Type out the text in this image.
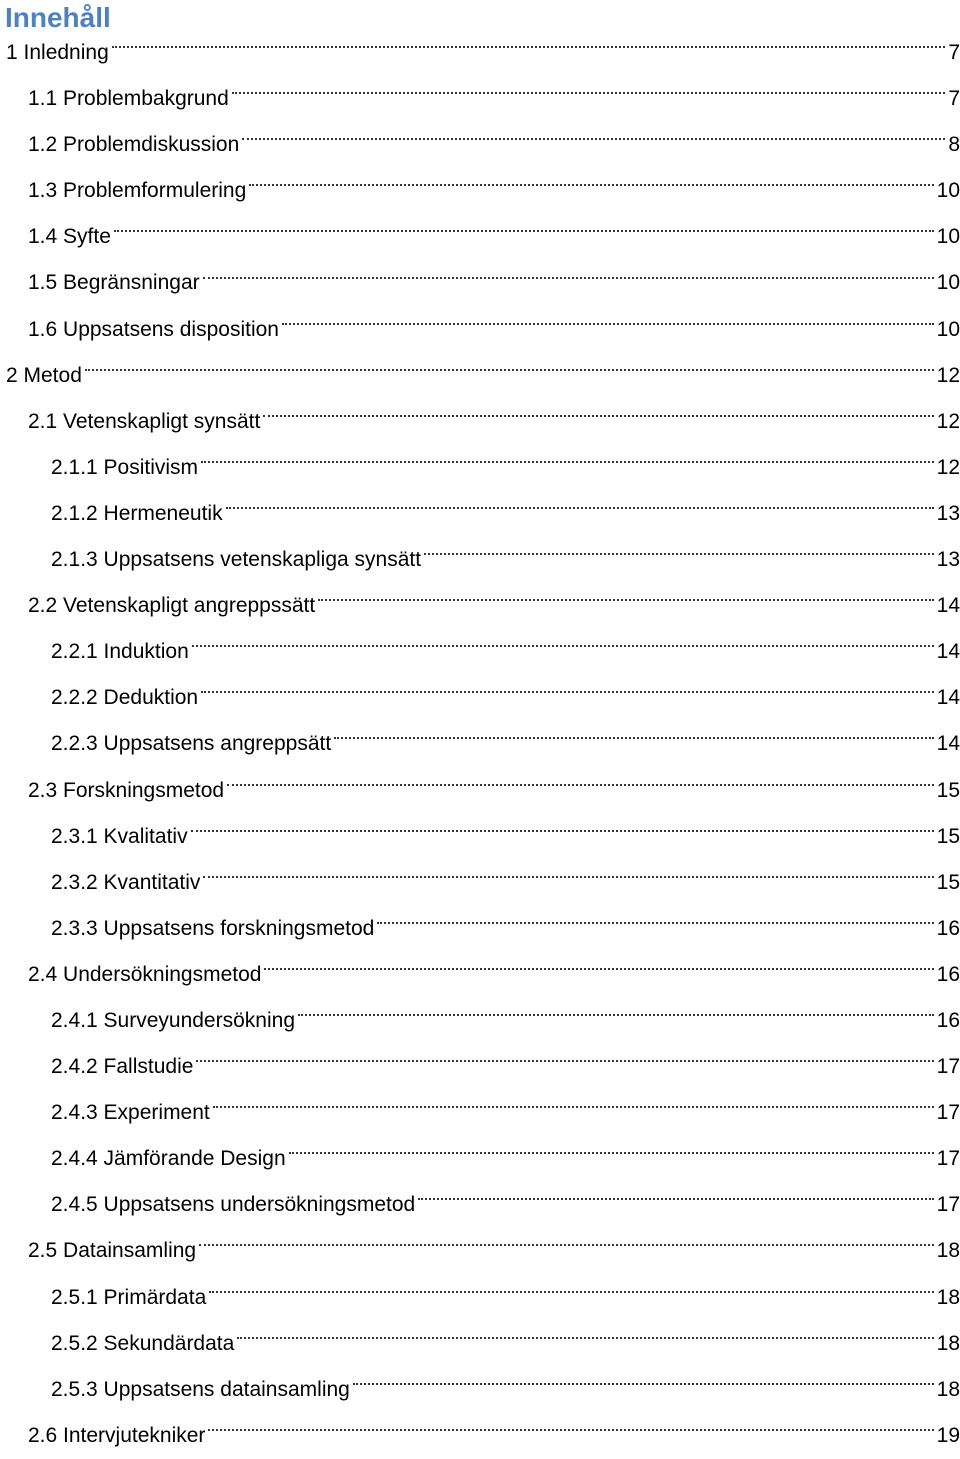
Innehåll
1 Inledning	7
1.1 Problembakgrund	7
1.2 Problemdiskussion	8
1.3 Problemformulering	10
1.4 Syfte	10
1.5 Begränsningar	10
1.6 Uppsatsens disposition	10
2 Metod	12
2.1 Vetenskapligt synsätt	12
2.1.1 Positivism	12
2.1.2 Hermeneutik	13
2.1.3 Uppsatsens vetenskapliga synsätt	13
2.2 Vetenskapligt angreppssätt	14
2.2.1 Induktion	14
2.2.2 Deduktion	14
2.2.3 Uppsatsens angreppsätt	14
2.3 Forskningsmetod	15
2.3.1 Kvalitativ	15
2.3.2 Kvantitativ	15
2.3.3 Uppsatsens forskningsmetod	16
2.4 Undersökningsmetod	16
2.4.1 Surveyundersökning	16
2.4.2 Fallstudie	17
2.4.3 Experiment	17
2.4.4 Jämförande Design	17
2.4.5 Uppsatsens undersökningsmetod	17
2.5 Datainsamling	18
2.5.1 Primärdata	18
2.5.2 Sekundärdata	18
2.5.3 Uppsatsens datainsamling	18
2.6 Intervjutekniker	19
